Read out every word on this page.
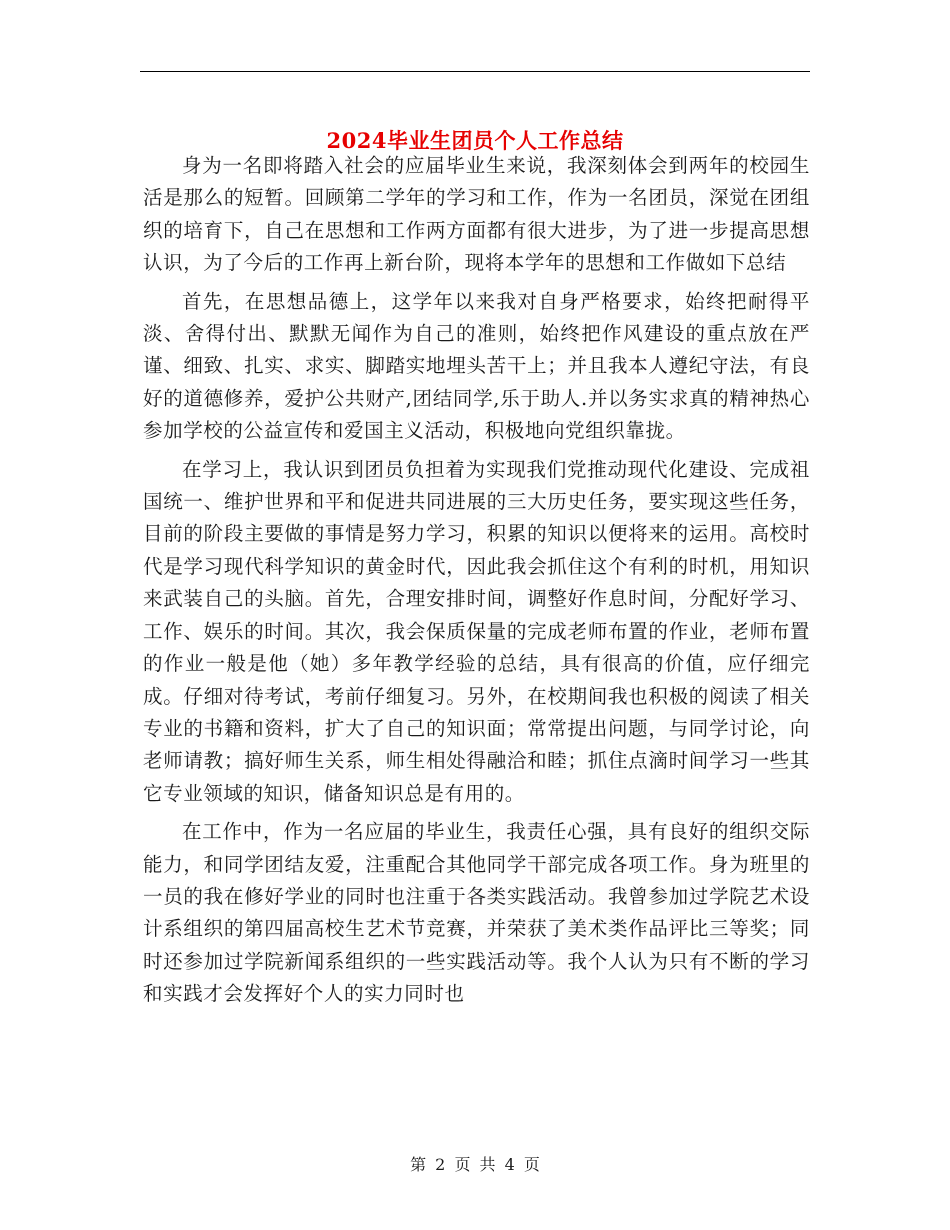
2024毕业生团员个人工作总结

身为一名即将踏入社会的应届毕业生来说，我深刻体会到两年的校园生活是那么的短暂。回顾第二学年的学习和工作，作为一名团员，深觉在团组织的培育下，自己在思想和工作两方面都有很大进步，为了进一步提高思想认识，为了今后的工作再上新台阶，现将本学年的思想和工作做如下总结

首先，在思想品德上，这学年以来我对自身严格要求，始终把耐得平淡、舍得付出、默默无闻作为自己的准则，始终把作风建设的重点放在严谨、细致、扎实、求实、脚踏实地埋头苦干上；并且我本人遵纪守法，有良好的道德修养，爱护公共财产,团结同学,乐于助人.并以务实求真的精神热心参加学校的公益宣传和爱国主义活动，积极地向党组织靠拢。

在学习上，我认识到团员负担着为实现我们党推动现代化建设、完成祖国统一、维护世界和平和促进共同进展的三大历史任务，要实现这些任务，目前的阶段主要做的事情是努力学习，积累的知识以便将来的运用。高校时代是学习现代科学知识的黄金时代，因此我会抓住这个有利的时机，用知识来武装自己的头脑。首先，合理安排时间，调整好作息时间，分配好学习、工作、娱乐的时间。其次，我会保质保量的完成老师布置的作业，老师布置的作业一般是他（她）多年教学经验的总结，具有很高的价值，应仔细完成。仔细对待考试，考前仔细复习。另外，在校期间我也积极的阅读了相关专业的书籍和资料，扩大了自己的知识面；常常提出问题，与同学讨论，向老师请教；搞好师生关系，师生相处得融洽和睦；抓住点滴时间学习一些其它专业领域的知识，储备知识总是有用的。

在工作中，作为一名应届的毕业生，我责任心强，具有良好的组织交际能力，和同学团结友爱，注重配合其他同学干部完成各项工作。身为班里的一员的我在修好学业的同时也注重于各类实践活动。我曾参加过学院艺术设计系组织的第四届高校生艺术节竞赛，并荣获了美术类作品评比三等奖；同时还参加过学院新闻系组织的一些实践活动等。我个人认为只有不断的学习和实践才会发挥好个人的实力同时也

第 2 页 共 4 页
